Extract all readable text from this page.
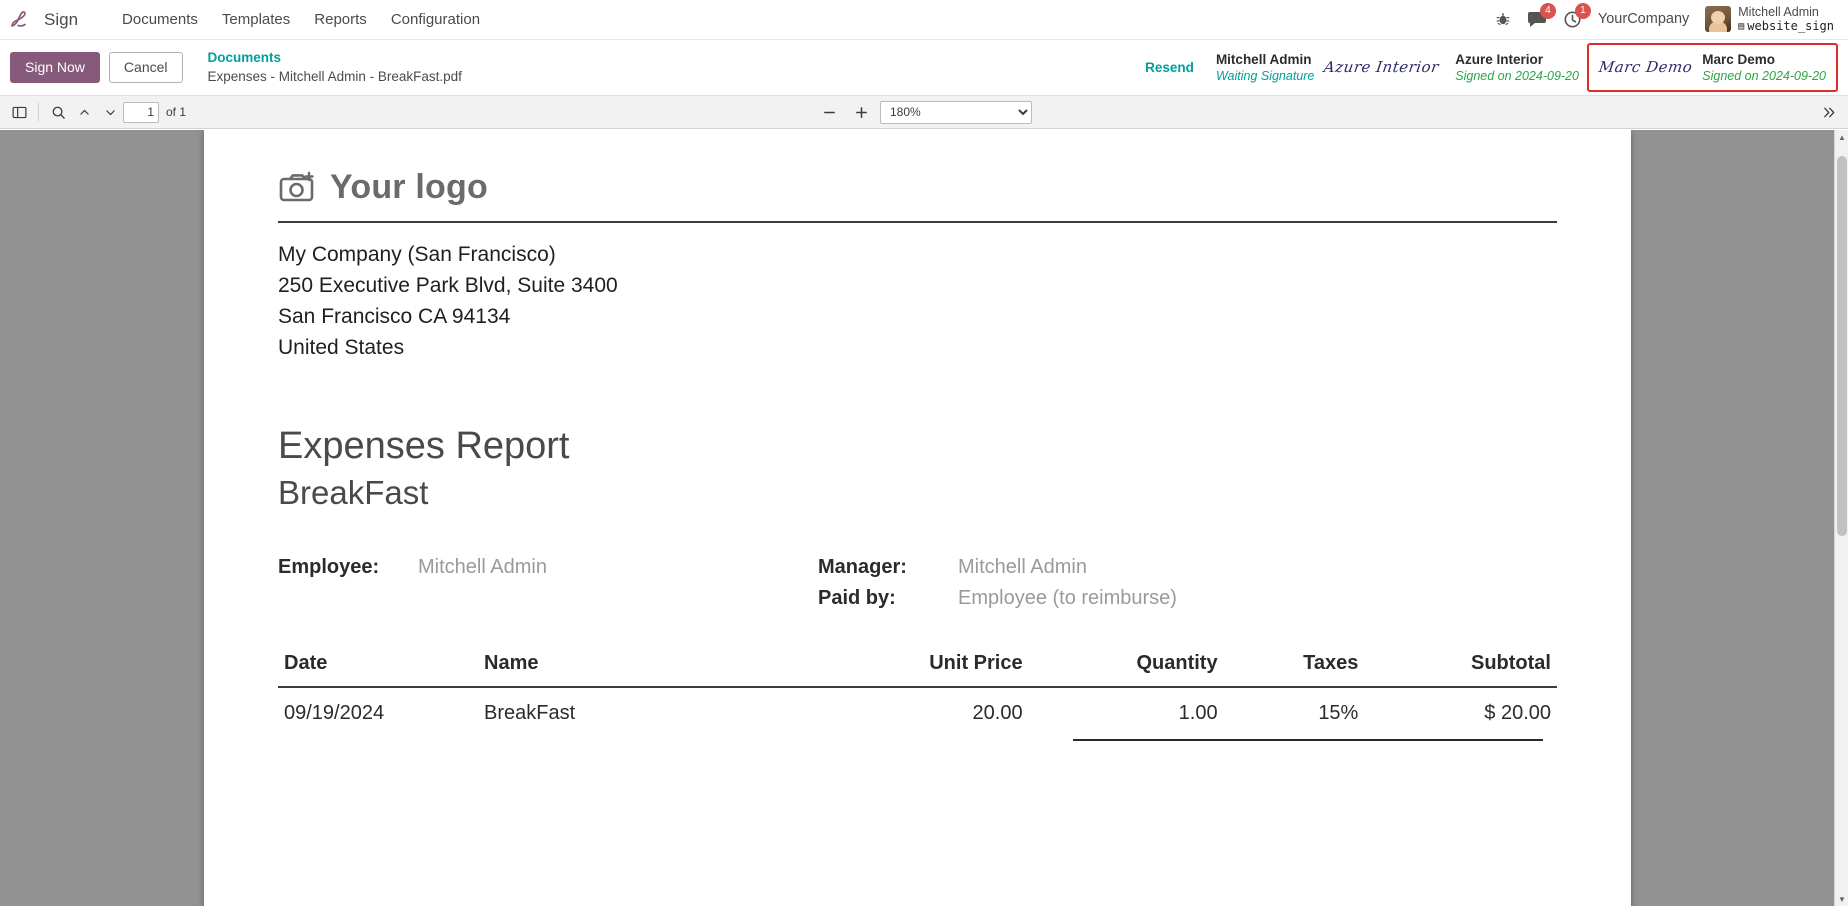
Sign	Documents	Templates	Reports	Configuration
4	1
YourCompany	Mitchell Admin
▤ website_sign
Sign Now	Cancel
Documents
Expenses - Mitchell Admin - BreakFast.pdf
Resend
Mitchell Admin
Waiting Signature Azure Interior Azure Interior
Signed on 2024-09-20 Marc Demo Marc Demo
Signed on 2024-09-20
1
of 1
180%
Your logo
My Company (San Francisco)
250 Executive Park Blvd, Suite 3400
San Francisco CA 94134
United States
Expenses Report
BreakFast
Employee:	Mitchell Admin	Manager:	Mitchell Admin
Paid by:	Employee (to reimburse)
Date	Name	Unit Price	Quantity	Taxes	Subtotal
09/19/2024	BreakFast	20.00	1.00	15%	$ 20.00
▲
▼
